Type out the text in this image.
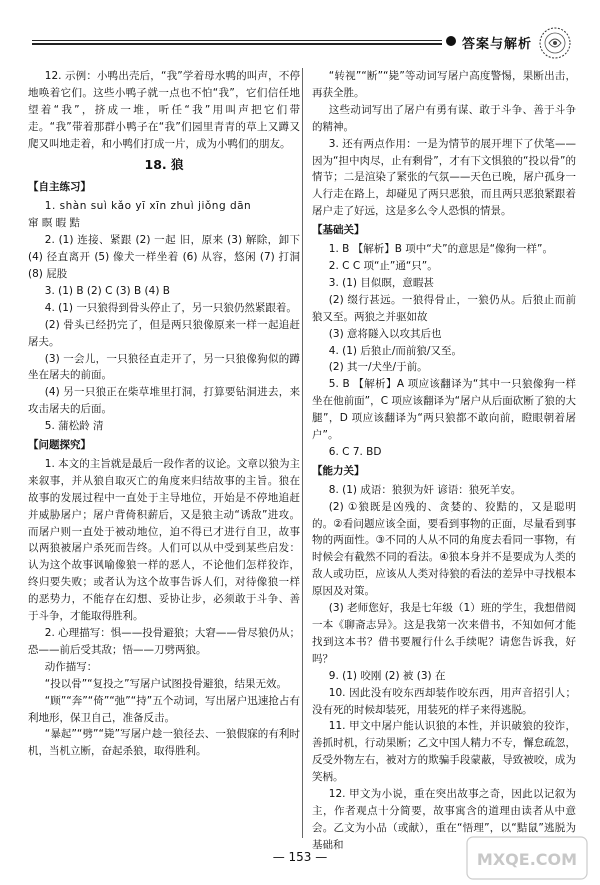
答案与解析

12. 示例：小鸭出壳后，“我”学着母水鸭的叫声，不停地唤着它们。这些小鸭子就一点也不怕“我”，它们信任地望着“我”，挤成一堆，听任“我”用叫声把它们带走。“我”带着那群小鸭子在“我”们园里青青的草上又蹲又爬又叫地走着，和小鸭们打成一片，成为小鸭们的朋友。

18. 狼

【自主练习】

1. shàn suì kǎo yī xīn zhuì jiǒng dān

窜 瞑 暇 黠

2. (1) 连接、紧跟 (2) 一起 旧，原来 (3) 解除，卸下 (4) 径直离开 (5) 像犬一样坐着 (6) 从容，悠闲 (7) 打洞 (8) 屁股

3. (1) B (2) C (3) B (4) B

4. (1) 一只狼得到骨头停止了，另一只狼仍然紧跟着。

(2) 骨头已经扔完了，但是两只狼像原来一样一起追赶屠夫。

(3) 一会儿，一只狼径直走开了，另一只狼像狗似的蹲坐在屠夫的前面。

(4) 另一只狼正在柴草堆里打洞，打算要钻洞进去，来攻击屠夫的后面。

5. 蒲松龄 清

【问题探究】

1. 本文的主旨就是最后一段作者的议论。文章以狼为主来叙事，并从狼自取灭亡的角度来归结故事的主旨。狼在故事的发展过程中一直处于主导地位，开始是不停地追赶并威胁屠户；屠户背倚积薪后，又是狼主动“诱敌”进攻。而屠户则一直处于被动地位，迫不得已才进行自卫，故事以两狼被屠户杀死而告终。人们可以从中受到某些启发：认为这个故事讽喻像狼一样的恶人，不论他们怎样狡诈，终归要失败；或者认为这个故事告诉人们，对待像狼一样的恶势力，不能存在幻想、妥协让步，必须敢于斗争、善于斗争，才能取得胜利。

2. 心理描写：惧——投骨避狼；大窘——骨尽狼仍从；恐——前后受其敌；悟——刀劈两狼。

动作描写：

“投以骨”“复投之”写屠户试图投骨避狼，结果无效。

“顾”“奔”“倚”“弛”“持”五个动词，写出屠户迅速抢占有利地形，保卫自己，准备反击。

“暴起”“劈”“毙”写屠户趁一狼径去、一狼假寐的有利时机，当机立断，奋起杀狼，取得胜利。

“转视”“断”“毙”等动词写屠户高度警惕，果断出击，再获全胜。

这些动词写出了屠户有勇有谋、敢于斗争、善于斗争的精神。

3. 还有两点作用：一是为情节的展开埋下了伏笔——因为“担中肉尽，止有剩骨”，才有下文惧狼的“投以骨”的情节；二是渲染了紧张的气氛——天色已晚，屠户孤身一人行走在路上，却碰见了两只恶狼，而且两只恶狼紧跟着屠户走了好远，这是多么令人恐惧的情景。

【基础关】

1. B 【解析】B 项中“犬”的意思是“像狗一样”。

2. C C 项“止”通“只”。

3. (1) 目似瞑，意暇甚

(2) 缀行甚远。一狼得骨止，一狼仍从。后狼止而前狼又至。两狼之并驱如故

(3) 意将隧入以攻其后也

4. (1) 后狼止/而前狼/又至。

(2) 其一/犬坐/于前。

5. B 【解析】A 项应该翻译为“其中一只狼像狗一样坐在他前面”，C 项应该翻译为“屠户从后面砍断了狼的大腿”，D 项应该翻译为“两只狼都不敢向前，瞪眼朝着屠户”。

6. C 7. BD

【能力关】

8. (1) 成语：狼狈为奸 谚语：狼死羊安。

(2) ①狼既是凶残的、贪婪的、狡黠的，又是聪明的。②看问题应该全面，要看到事物的正面，尽量看到事物的两面性。③不同的人从不同的角度去看同一事物，有时候会有截然不同的看法。④狼本身并不是要成为人类的敌人或功臣，应该从人类对待狼的看法的差异中寻找根本原因及对策。

(3) 老师您好，我是七年级（1）班的学生，我想借阅一本《聊斋志异》。这是我第一次来借书，不知如何才能找到这本书？借书要履行什么手续呢？请您告诉我，好吗？

9. (1) 咬刚 (2) 被 (3) 在

10. 因此没有咬东西却装作咬东西，用声音招引人；没有死的时候却装死，用装死的样子来得逃脱。

11. 甲文中屠户能认识狼的本性，并识破狼的狡诈，善抓时机，行动果断；乙文中国人精力不专，懈怠疏忽，反受外物左右，被对方的欺骗手段蒙蔽，导致被咬，成为笑柄。

12. 甲文为小说，重在突出故事之奇，因此以记叙为主，作者观点十分简要，故事寓含的道理由读者从中意会。乙文为小品（或献），重在“悟理”，以“黠鼠”逃脱为基础和

— 153 —	MXQE.COM
